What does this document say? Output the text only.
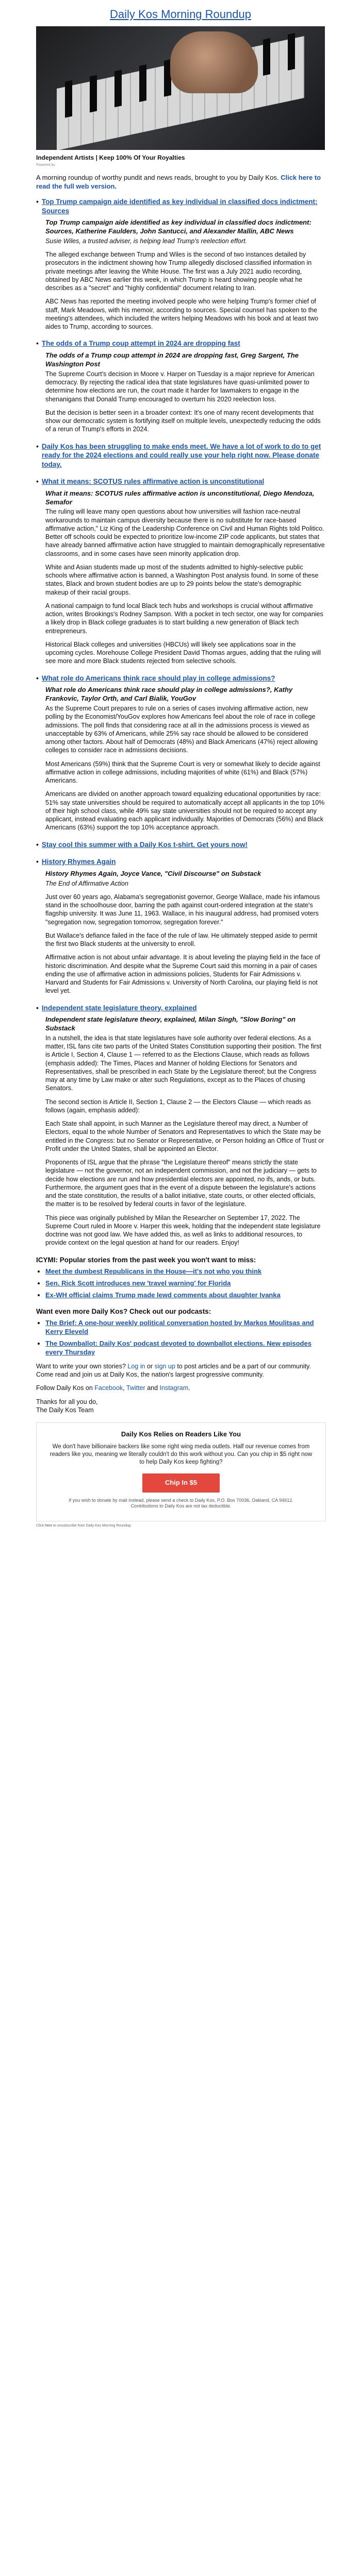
Daily Kos Morning Roundup
Independent Artists | Keep 100% Of Your Royalties
Powered by

A morning roundup of worthy pundit and news reads, brought to you by Daily Kos. Click here to read the full web version.

• Top Trump campaign aide identified as key individual in classified docs indictment: Sources

Top Trump campaign aide identified as key individual in classified docs indictment: Sources, Katherine Faulders, John Santucci, and Alexander Mallin, ABC News

Susie Wiles, a trusted adviser, is helping lead Trump's reelection effort.

The alleged exchange between Trump and Wiles is the second of two instances detailed by prosecutors in the indictment showing how Trump allegedly disclosed classified information in private meetings after leaving the White House. The first was a July 2021 audio recording, obtained by ABC News earlier this week, in which Trump is heard showing people what he describes as a "secret" and "highly confidential" document relating to Iran.

ABC News has reported the meeting involved people who were helping Trump's former chief of staff, Mark Meadows, with his memoir, according to sources. Special counsel has spoken to the meeting's attendees, which included the writers helping Meadows with his book and at least two aides to Trump, according to sources.

• The odds of a Trump coup attempt in 2024 are dropping fast

The odds of a Trump coup attempt in 2024 are dropping fast, Greg Sargent, The Washington Post

The Supreme Court's decision in Moore v. Harper on Tuesday is a major reprieve for American democracy. By rejecting the radical idea that state legislatures have quasi-unlimited power to determine how elections are run, the court made it harder for lawmakers to engage in the shenanigans that Donald Trump encouraged to overturn his 2020 reelection loss.

But the decision is better seen in a broader context: It's one of many recent developments that show our democratic system is fortifying itself on multiple levels, unexpectedly reducing the odds of a rerun of Trump's efforts in 2024.

• Daily Kos has been struggling to make ends meet. We have a lot of work to do to get ready for the 2024 elections and could really use your help right now. Please donate today.
• What it means: SCOTUS rules affirmative action is unconstitutional

What it means: SCOTUS rules affirmative action is unconstitutional, Diego Mendoza, Semafor

The ruling will leave many open questions about how universities will fashion race-neutral workarounds to maintain campus diversity because there is no substitute for race-based affirmative action," Liz King of the Leadership Conference on Civil and Human Rights told Politico. Better off schools could be expected to prioritize low-income ZIP code applicants, but states that have already banned affirmative action have struggled to maintain demographically representative classrooms, and in some cases have seen minority application drop.

White and Asian students made up most of the students admitted to highly-selective public schools where affirmative action is banned, a Washington Post analysis found. In some of these states, Black and brown student bodies are up to 29 points below the state's demographic makeup of their racial groups.

A national campaign to fund local Black tech hubs and workshops is crucial without affirmative action, writes Brookings's Rodney Sampson. With a pocket in tech sector, one way for companies a likely drop in Black college graduates is to start building a new generation of Black tech entrepreneurs.

Historical Black colleges and universities (HBCUs) will likely see applications soar in the upcoming cycles. Morehouse College President David Thomas argues, adding that the ruling will see more and more Black students rejected from selective schools.

• What role do Americans think race should play in college admissions?

What role do Americans think race should play in college admissions?, Kathy Frankovic, Taylor Orth, and Carl Bialik, YouGov

As the Supreme Court prepares to rule on a series of cases involving affirmative action, new polling by the Economist/YouGov explores how Americans feel about the role of race in college admissions. The poll finds that considering race at all in the admissions process is viewed as unacceptable by 63% of Americans, while 25% say race should be allowed to be considered among other factors. About half of Democrats (48%) and Black Americans (47%) reject allowing colleges to consider race in admissions decisions.

Most Americans (59%) think that the Supreme Court is very or somewhat likely to decide against affirmative action in college admissions, including majorities of white (61%) and Black (57%) Americans.

Americans are divided on another approach toward equalizing educational opportunities by race: 51% say state universities should be required to automatically accept all applicants in the top 10% of their high school class, while 49% say state universities should not be required to accept any applicant, instead evaluating each applicant individually. Majorities of Democrats (56%) and Black Americans (63%) support the top 10% acceptance approach.

• Stay cool this summer with a Daily Kos t-shirt. Get yours now!
• History Rhymes Again

History Rhymes Again, Joyce Vance, "Civil Discourse" on Substack

The End of Affirmative Action

Just over 60 years ago, Alabama's segregationist governor, George Wallace, made his infamous stand in the schoolhouse door, barring the path against court-ordered integration at the state's flagship university. It was June 11, 1963. Wallace, in his inaugural address, had promised voters "segregation now, segregation tomorrow, segregation forever."

But Wallace's defiance failed in the face of the rule of law. He ultimately stepped aside to permit the first two Black students at the university to enroll.

Affirmative action is not about unfair advantage. It is about leveling the playing field in the face of historic discrimination. And despite what the Supreme Court said this morning in a pair of cases ending the use of affirmative action in admissions policies, Students for Fair Admissions v. Harvard and Students for Fair Admissions v. University of North Carolina, our playing field is not level yet.

• Independent state legislature theory, explained

Independent state legislature theory, explained, Milan Singh, "Slow Boring" on Substack

In a nutshell, the idea is that state legislatures have sole authority over federal elections. As a matter, ISL fans cite two parts of the United States Constitution supporting their position. The first is Article I, Section 4, Clause 1 — referred to as the Elections Clause, which reads as follows (emphasis added): The Times, Places and Manner of holding Elections for Senators and Representatives, shall be prescribed in each State by the Legislature thereof; but the Congress may at any time by Law make or alter such Regulations, except as to the Places of chusing Senators.

The second section is Article II, Section 1, Clause 2 — the Electors Clause — which reads as follows (again, emphasis added):

Each State shall appoint, in such Manner as the Legislature thereof may direct, a Number of Electors, equal to the whole Number of Senators and Representatives to which the State may be entitled in the Congress: but no Senator or Representative, or Person holding an Office of Trust or Profit under the United States, shall be appointed an Elector.

Proponents of ISL argue that the phrase "the Legislature thereof" means strictly the state legislature — not the governor, not an independent commission, and not the judiciary — gets to decide how elections are run and how presidential electors are appointed, no ifs, ands, or buts. Furthermore, the argument goes that in the event of a dispute between the legislature's actions and the state constitution, the results of a ballot initiative, state courts, or other elected officials, the matter is to be resolved by federal courts in favor of the legislature.

This piece was originally published by Milan the Researcher on September 17, 2022. The Supreme Court ruled in Moore v. Harper this week, holding that the independent state legislature doctrine was not good law. We have added this, as well as links to additional resources, to provide context on the legal question at hand for our readers. Enjoy!

ICYMI: Popular stories from the past week you won't want to miss:
• Meet the dumbest Republicans in the House—it's not who you think
• Sen. Rick Scott introduces new 'travel warning' for Florida
• Ex-WH official claims Trump made lewd comments about daughter Ivanka
Want even more Daily Kos? Check out our podcasts:
• The Brief: A one-hour weekly political conversation hosted by Markos Moulitsas and Kerry Eleveld
• The Downballot: Daily Kos' podcast devoted to downballot elections. New episodes every Thursday

Want to write your own stories? Log in or sign up to post articles and be a part of our community. Come read and join us at Daily Kos, the nation's largest progressive community.

Follow Daily Kos on Facebook, Twitter and Instagram.

Thanks for all you do,
The Daily Kos Team
Daily Kos Relies on Readers Like You
We don't have billionaire backers like some right wing media outlets. Half our revenue comes from readers like you, meaning we literally couldn't do this work without you. Can you chip in $5 right now to help Daily Kos keep fighting?
Chip In $5
If you wish to donate by mail instead, please send a check to Daily Kos, P.O. Box 70036, Oakland, CA 94612. Contributions to Daily Kos are not tax deductible.
Click here to unsubscribe from Daily Kos Morning Roundup.
